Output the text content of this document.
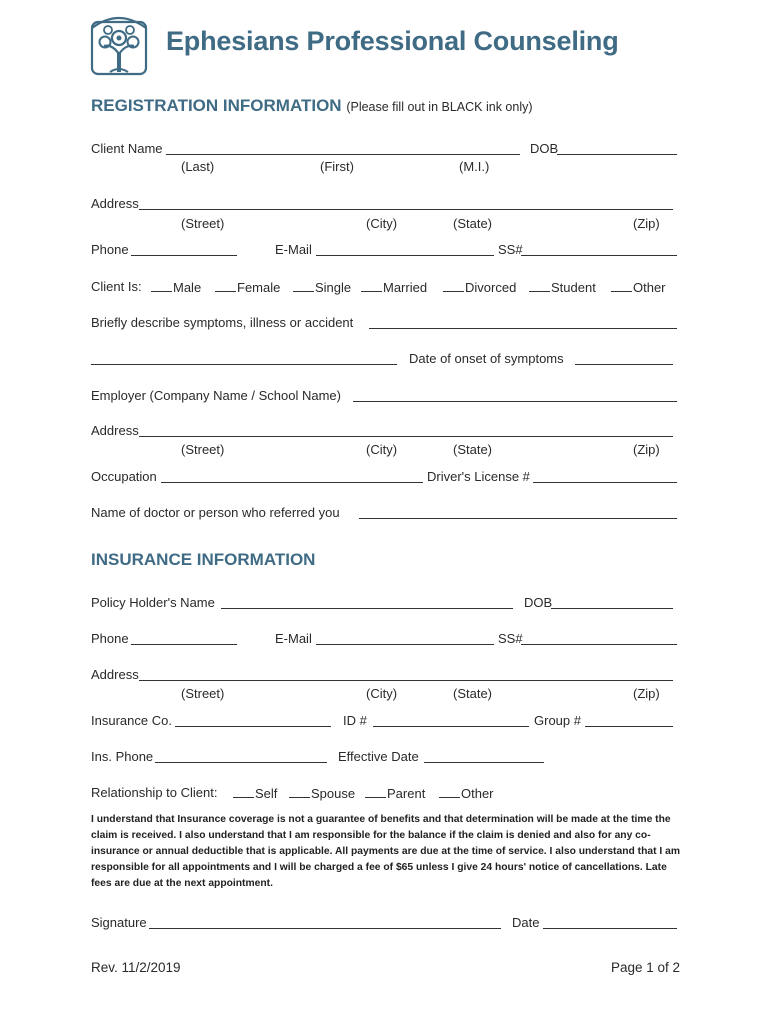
Ephesians Professional Counseling
REGISTRATION INFORMATION (Please fill out in BLACK ink only)
Client Name	DOB
(Last)	(First)	(M.I.)
Address
(Street)	(City)	(State)	(Zip)
Phone	E-Mail	SS#
Client Is:	Male	Female	Single	Married	Divorced	Student	Other
Briefly describe symptoms, illness or accident
Date of onset of symptoms
Employer (Company Name / School Name)
Address
(Street)	(City)	(State)	(Zip)
Occupation	Driver's License #
Name of doctor or person who referred you
INSURANCE INFORMATION
Policy Holder's Name	DOB
Phone	E-Mail	SS#
Address
(Street)	(City)	(State)	(Zip)
Insurance Co.	ID #	Group #
Ins. Phone	Effective Date
Relationship to Client:	Self	Spouse	Parent	Other
I understand that Insurance coverage is not a guarantee of benefits and that determination will be made at the time the claim is received. I also understand that I am responsible for the balance if the claim is denied and also for any co-insurance or annual deductible that is applicable. All payments are due at the time of service. I also understand that I am responsible for all appointments and I will be charged a fee of $65 unless I give 24 hours' notice of cancellations. Late fees are due at the next appointment.
Signature	Date
Rev. 11/2/2019	Page 1 of 2
